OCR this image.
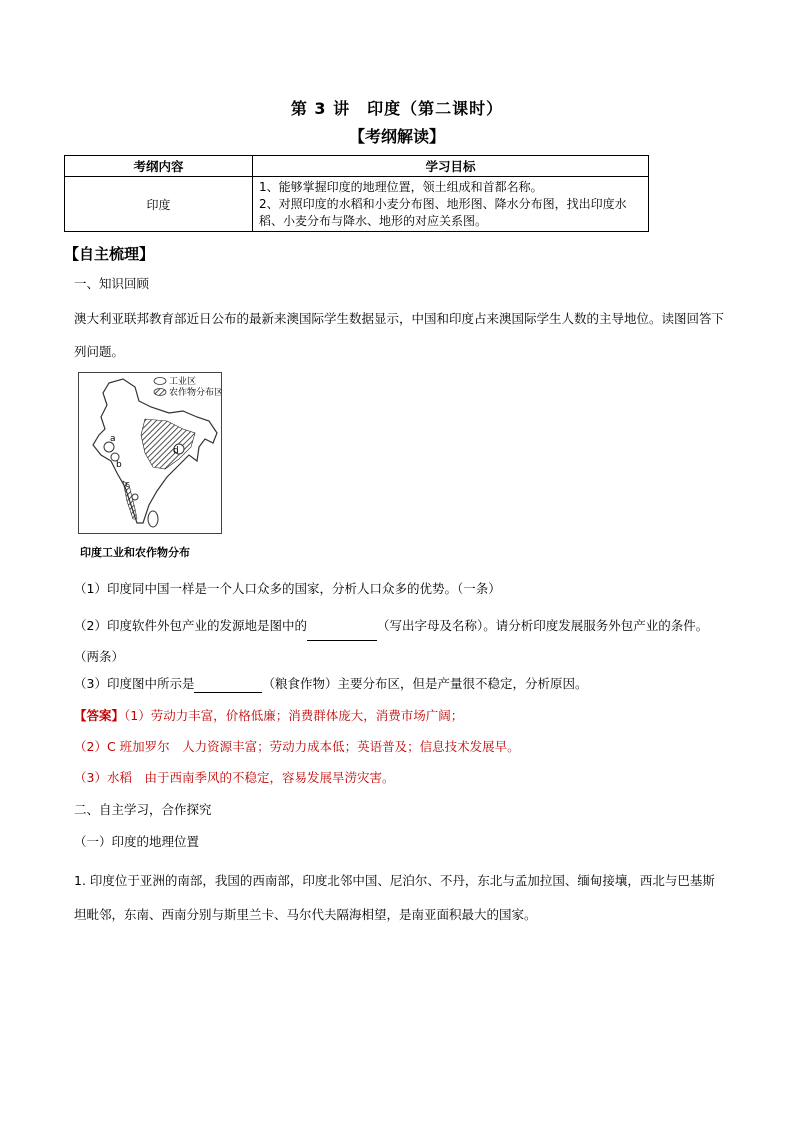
第 3 讲　印度（第二课时）
【考纲解读】
考纲内容	学习目标
印度	1、能够掌握印度的地理位置，领土组成和首都名称。
2、对照印度的水稻和小麦分布图、地形图、降水分布图，找出印度水稻、小麦分布与降水、地形的对应关系图。
【自主梳理】
一、知识回顾
澳大利亚联邦教育部近日公布的最新来澳国际学生数据显示，中国和印度占来澳国际学生人数的主导地位。读图回答下列问题。
a
b
c
d
工业区
农作物分布区
印度工业和农作物分布
（1）印度同中国一样是一个人口众多的国家，分析人口众多的优势。（一条）
（2）印度软件外包产业的发源地是图中的	（写出字母及名称）。请分析印度发展服务外包产业的条件。（两条）
（3）印度图中所示是	（粮食作物）主要分布区，但是产量很不稳定，分析原因。
【答案】（1）劳动力丰富，价格低廉；消费群体庞大，消费市场广阔；
（2）C 班加罗尔　人力资源丰富；劳动力成本低；英语普及；信息技术发展早。
（3）水稻　由于西南季风的不稳定，容易发展旱涝灾害。
二、自主学习，合作探究
（一）印度的地理位置
1. 印度位于亚洲的南部，我国的西南部，印度北邻中国、尼泊尔、不丹，东北与孟加拉国、缅甸接壤，西北与巴基斯坦毗邻，东南、西南分别与斯里兰卡、马尔代夫隔海相望，是南亚面积最大的国家。
